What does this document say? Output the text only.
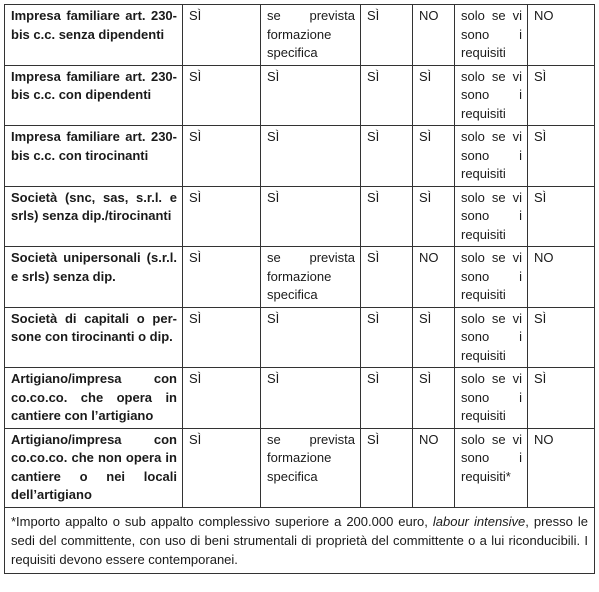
Impresa familiare art. 230-bis c.c. senza dipendenti	SÌ	se prevista formazione specifica	SÌ	NO	solo se vi sono i requisiti	NO
Impresa familiare art. 230-bis c.c. con dipendenti	SÌ	SÌ	SÌ	SÌ	solo se vi sono i requisiti	SÌ
Impresa familiare art. 230-bis c.c. con tirocinanti	SÌ	SÌ	SÌ	SÌ	solo se vi sono i requisiti	SÌ
Società (snc, sas, s.r.l. e srls) senza dip./tirocinanti	SÌ	SÌ	SÌ	SÌ	solo se vi sono i requisiti	SÌ
Società unipersonali (s.r.l. e srls) senza dip.	SÌ	se prevista formazione specifica	SÌ	NO	solo se vi sono i requisiti	NO
Società di capitali o persone con tirocinanti o dip.	SÌ	SÌ	SÌ	SÌ	solo se vi sono i requisiti	SÌ
Artigiano/impresa con co.co.co. che opera in cantiere con l’artigiano	SÌ	SÌ	SÌ	SÌ	solo se vi sono i requisiti	SÌ
Artigiano/impresa con co.co.co. che non opera in cantiere o nei locali dell’artigiano	SÌ	se prevista formazione specifica	SÌ	NO	solo se vi sono i requisiti*	NO
*Importo appalto o sub appalto complessivo superiore a 200.000 euro, labour intensive, presso le sedi del committente, con uso di beni strumentali di proprietà del committente o a lui riconducibili. I requisiti devono essere contemporanei.						
